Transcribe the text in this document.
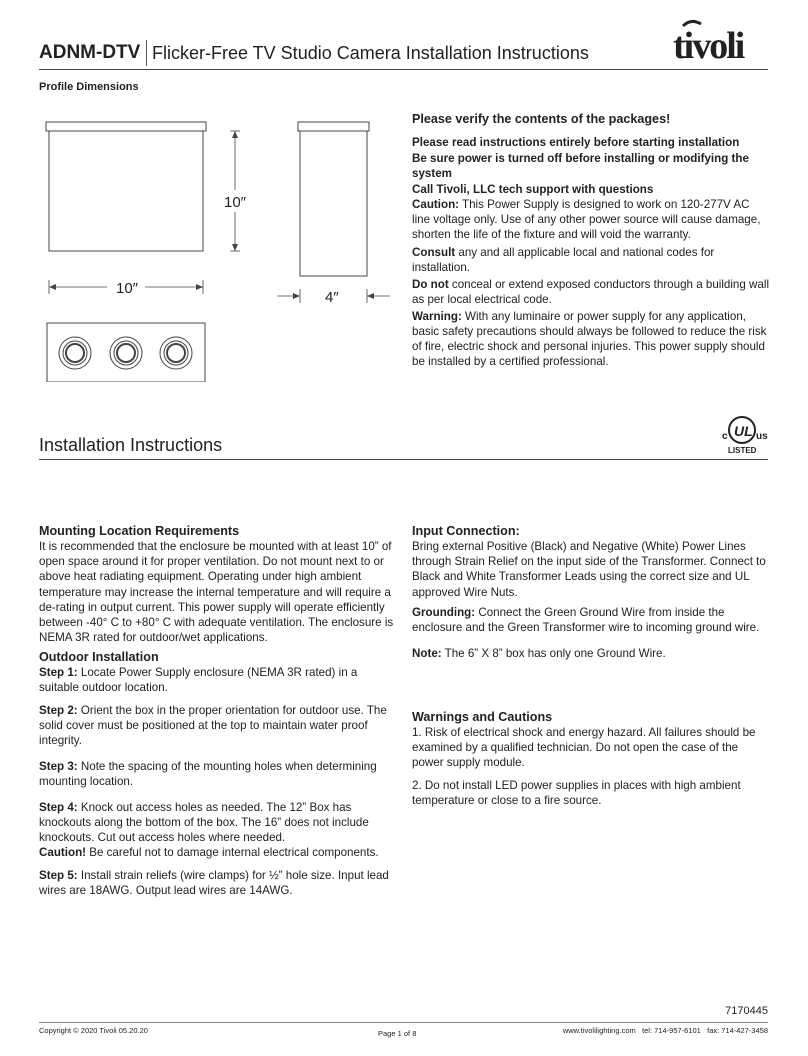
ADNM-DTV Flicker-Free TV Studio Camera Installation Instructions tivoli
Profile Dimensions
10″
10″
4″
Please verify the contents of the packages!
Please read instructions entirely before starting installation
Be sure power is turned off before installing or modifying the system
Call Tivoli, LLC tech support with questions
Caution: This Power Supply is designed to work on 120-277V AC line voltage only. Use of any other power source will cause damage, shorten the life of the fixture and will void the warranty.
Consult any and all applicable local and national codes for installation.
Do not conceal or extend exposed conductors through a building wall as per local electrical code.
Warning: With any luminaire or power supply for any application, basic safety precautions should always be followed to reduce the risk of fire, electric shock and personal injuries. This power supply should be installed by a certified professional.
Installation Instructions
UL
c	us
LISTED
Mounting Location Requirements
It is recommended that the enclosure be mounted with at least 10” of open space around it for proper ventilation. Do not mount next to or above heat radiating equipment. Operating under high ambient temperature may increase the internal temperature and will require a de-rating in output current. This power supply will operate efficiently between -40° C to +80° C with adequate ventilation. The enclosure is NEMA 3R rated for outdoor/wet applications.
Outdoor Installation
Step 1: Locate Power Supply enclosure (NEMA 3R rated) in a suitable outdoor location.
Step 2: Orient the box in the proper orientation for outdoor use. The solid cover must be positioned at the top to maintain water proof integrity.
Step 3: Note the spacing of the mounting holes when determining mounting location.
Step 4: Knock out access holes as needed. The 12” Box has knockouts along the bottom of the box. The 16” does not include knockouts. Cut out access holes where needed.
Caution! Be careful not to damage internal electrical components.
Step 5: Install strain reliefs (wire clamps) for ½” hole size. Input lead wires are 18AWG. Output lead wires are 14AWG.
Input Connection:
Bring external Positive (Black) and Negative (White) Power Lines through Strain Relief on the input side of the Transformer. Connect to Black and White Transformer Leads using the correct size and UL approved Wire Nuts.
Grounding: Connect the Green Ground Wire from inside the enclosure and the Green Transformer wire to incoming ground wire.
Note: The 6” X 8” box has only one Ground Wire.
Warnings and Cautions
1. Risk of electrical shock and energy hazard. All failures should be examined by a qualified technician. Do not open the case of the power supply module.
2. Do not install LED power supplies in places with high ambient temperature or close to a fire source.
7170445
Copyright © 2020 Tivoli 05.20.20	Page 1 of 8	www.tivolilighting.com tel: 714-957-6101 fax: 714-427-3458
